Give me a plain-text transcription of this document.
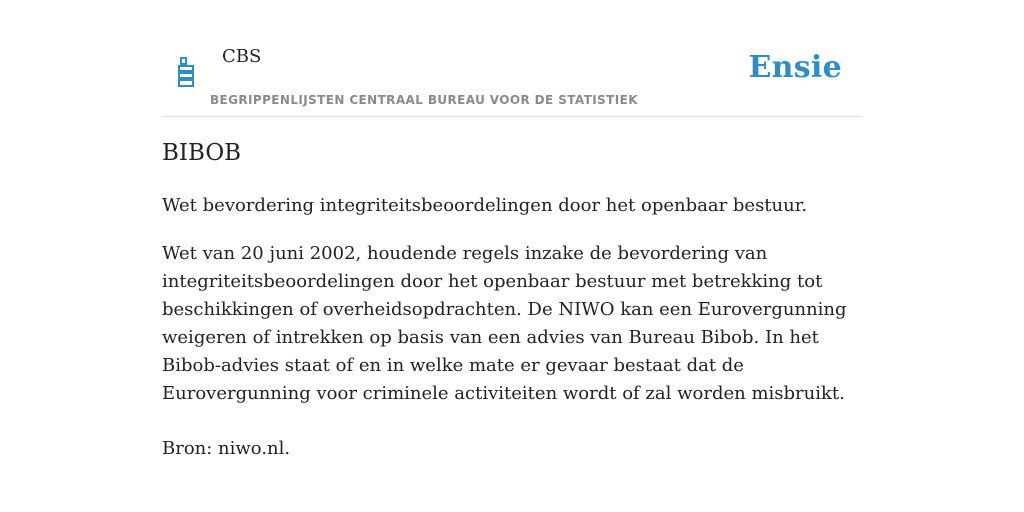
CBS
BEGRIPPENLIJSTEN CENTRAAL BUREAU VOOR DE STATISTIEK
Ensie
BIBOB

Wet bevordering integriteitsbeoordelingen door het openbaar bestuur.

Wet van 20 juni 2002, houdende regels inzake de bevordering van integriteitsbeoordelingen door het openbaar bestuur met betrekking tot beschikkingen of overheidsopdrachten. De NIWO kan een Eurovergunning weigeren of intrekken op basis van een advies van Bureau Bibob. In het Bibob-advies staat of en in welke mate er gevaar bestaat dat de Eurovergunning voor criminele activiteiten wordt of zal worden misbruikt.

Bron: niwo.nl.
